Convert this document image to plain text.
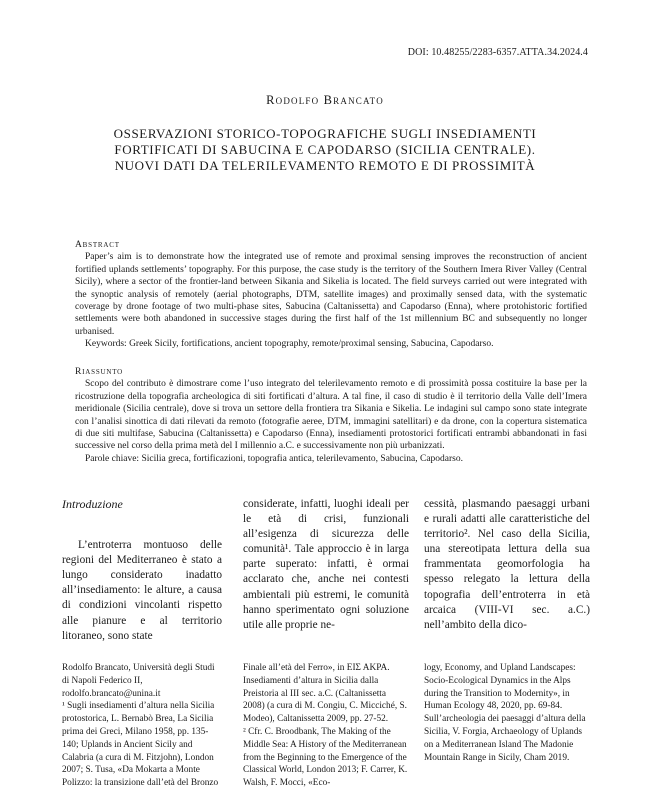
DOI: 10.48255/2283-6357.ATTA.34.2024.4
Rodolfo Brancato
OSSERVAZIONI STORICO-TOPOGRAFICHE SUGLI INSEDIAMENTI
FORTIFICATI DI SABUCINA E CAPODARSO (SICILIA CENTRALE).
NUOVI DATI DA TELERILEVAMENTO REMOTO E DI PROSSIMITÀ
Abstract

Paper’s aim is to demonstrate how the integrated use of remote and proximal sensing improves the reconstruction of ancient fortified uplands settlements’ topography. For this purpose, the case study is the territory of the Southern Imera River Valley (Central Sicily), where a sector of the frontier-land between Sikania and Sikelia is located. The field surveys carried out were integrated with the synoptic analysis of remotely (aerial photographs, DTM, satellite images) and proximally sensed data, with the systematic coverage by drone footage of two multi-phase sites, Sabucina (Caltanissetta) and Capodarso (Enna), where protohistoric fortified settlements were both abandoned in successive stages during the first half of the 1st millennium BC and subsequently no longer urbanised.

Keywords: Greek Sicily, fortifications, ancient topography, remote/proximal sensing, Sabucina, Capodarso.

Riassunto

Scopo del contributo è dimostrare come l’uso integrato del telerilevamento remoto e di prossimità possa costituire la base per la ricostruzione della topografia archeologica di siti fortificati d’altura. A tal fine, il caso di studio è il territorio della Valle dell’Imera meridionale (Sicilia centrale), dove si trova un settore della frontiera tra Sikania e Sikelia. Le indagini sul campo sono state integrate con l’analisi sinottica di dati rilevati da remoto (fotografie aeree, DTM, immagini satellitari) e da drone, con la copertura sistematica di due siti multifase, Sabucina (Caltanissetta) e Capodarso (Enna), insediamenti protostorici fortificati entrambi abbandonati in fasi successive nel corso della prima metà del I millennio a.C. e successivamente non più urbanizzati.

Parole chiave: Sicilia greca, fortificazioni, topografia antica, telerilevamento, Sabucina, Capodarso.

Introduzione

L’entroterra montuoso delle regioni del Mediterraneo è stato a lungo considerato inadatto all’insediamento: le alture, a causa di condizioni vincolanti rispetto alle pianure e al territorio litoraneo, sono state

considerate, infatti, luoghi ideali per le età di crisi, funzionali all’esigenza di sicurezza delle comunità¹. Tale approccio è in larga parte superato: infatti, è ormai acclarato che, anche nei contesti ambientali più estremi, le comunità hanno sperimentato ogni soluzione utile alle proprie ne-

cessità, plasmando paesaggi urbani e rurali adatti alle caratteristiche del territorio². Nel caso della Sicilia, una stereotipata lettura della sua frammentata geomorfologia ha spesso relegato la lettura della topografia dell’entroterra in età arcaica (VIII-VI sec. a.C.) nell’ambito della dico-

Rodolfo Brancato, Università degli Studi di Napoli Federico II, rodolfo.brancato@unina.it

¹ Sugli insediamenti d’altura nella Sicilia protostorica, L. Bernabò Brea, La Sicilia prima dei Greci, Milano 1958, pp. 135-140; Uplands in Ancient Sicily and Calabria (a cura di M. Fitzjohn), London 2007; S. Tusa, «Da Mokarta a Monte Polizzo: la transizione dall’età del Bronzo

Finale all’età del Ferro», in ΕΙΣ ΑΚΡΑ. Insediamenti d’altura in Sicilia dalla Preistoria al III sec. a.C. (Caltanissetta 2008) (a cura di M. Congiu, C. Micciché, S. Modeo), Caltanissetta 2009, pp. 27-52.

² Cfr. C. Broodbank, The Making of the Middle Sea: A History of the Mediterranean from the Beginning to the Emergence of the Classical World, London 2013; F. Carrer, K. Walsh, F. Mocci, «Eco-

logy, Economy, and Upland Landscapes: Socio-Ecological Dynamics in the Alps during the Transition to Modernity», in Human Ecology 48, 2020, pp. 69-84. Sull’archeologia dei paesaggi d’altura della Sicilia, V. Forgia, Archaeology of Uplands on a Mediterranean Island The Madonie Mountain Range in Sicily, Cham 2019.
